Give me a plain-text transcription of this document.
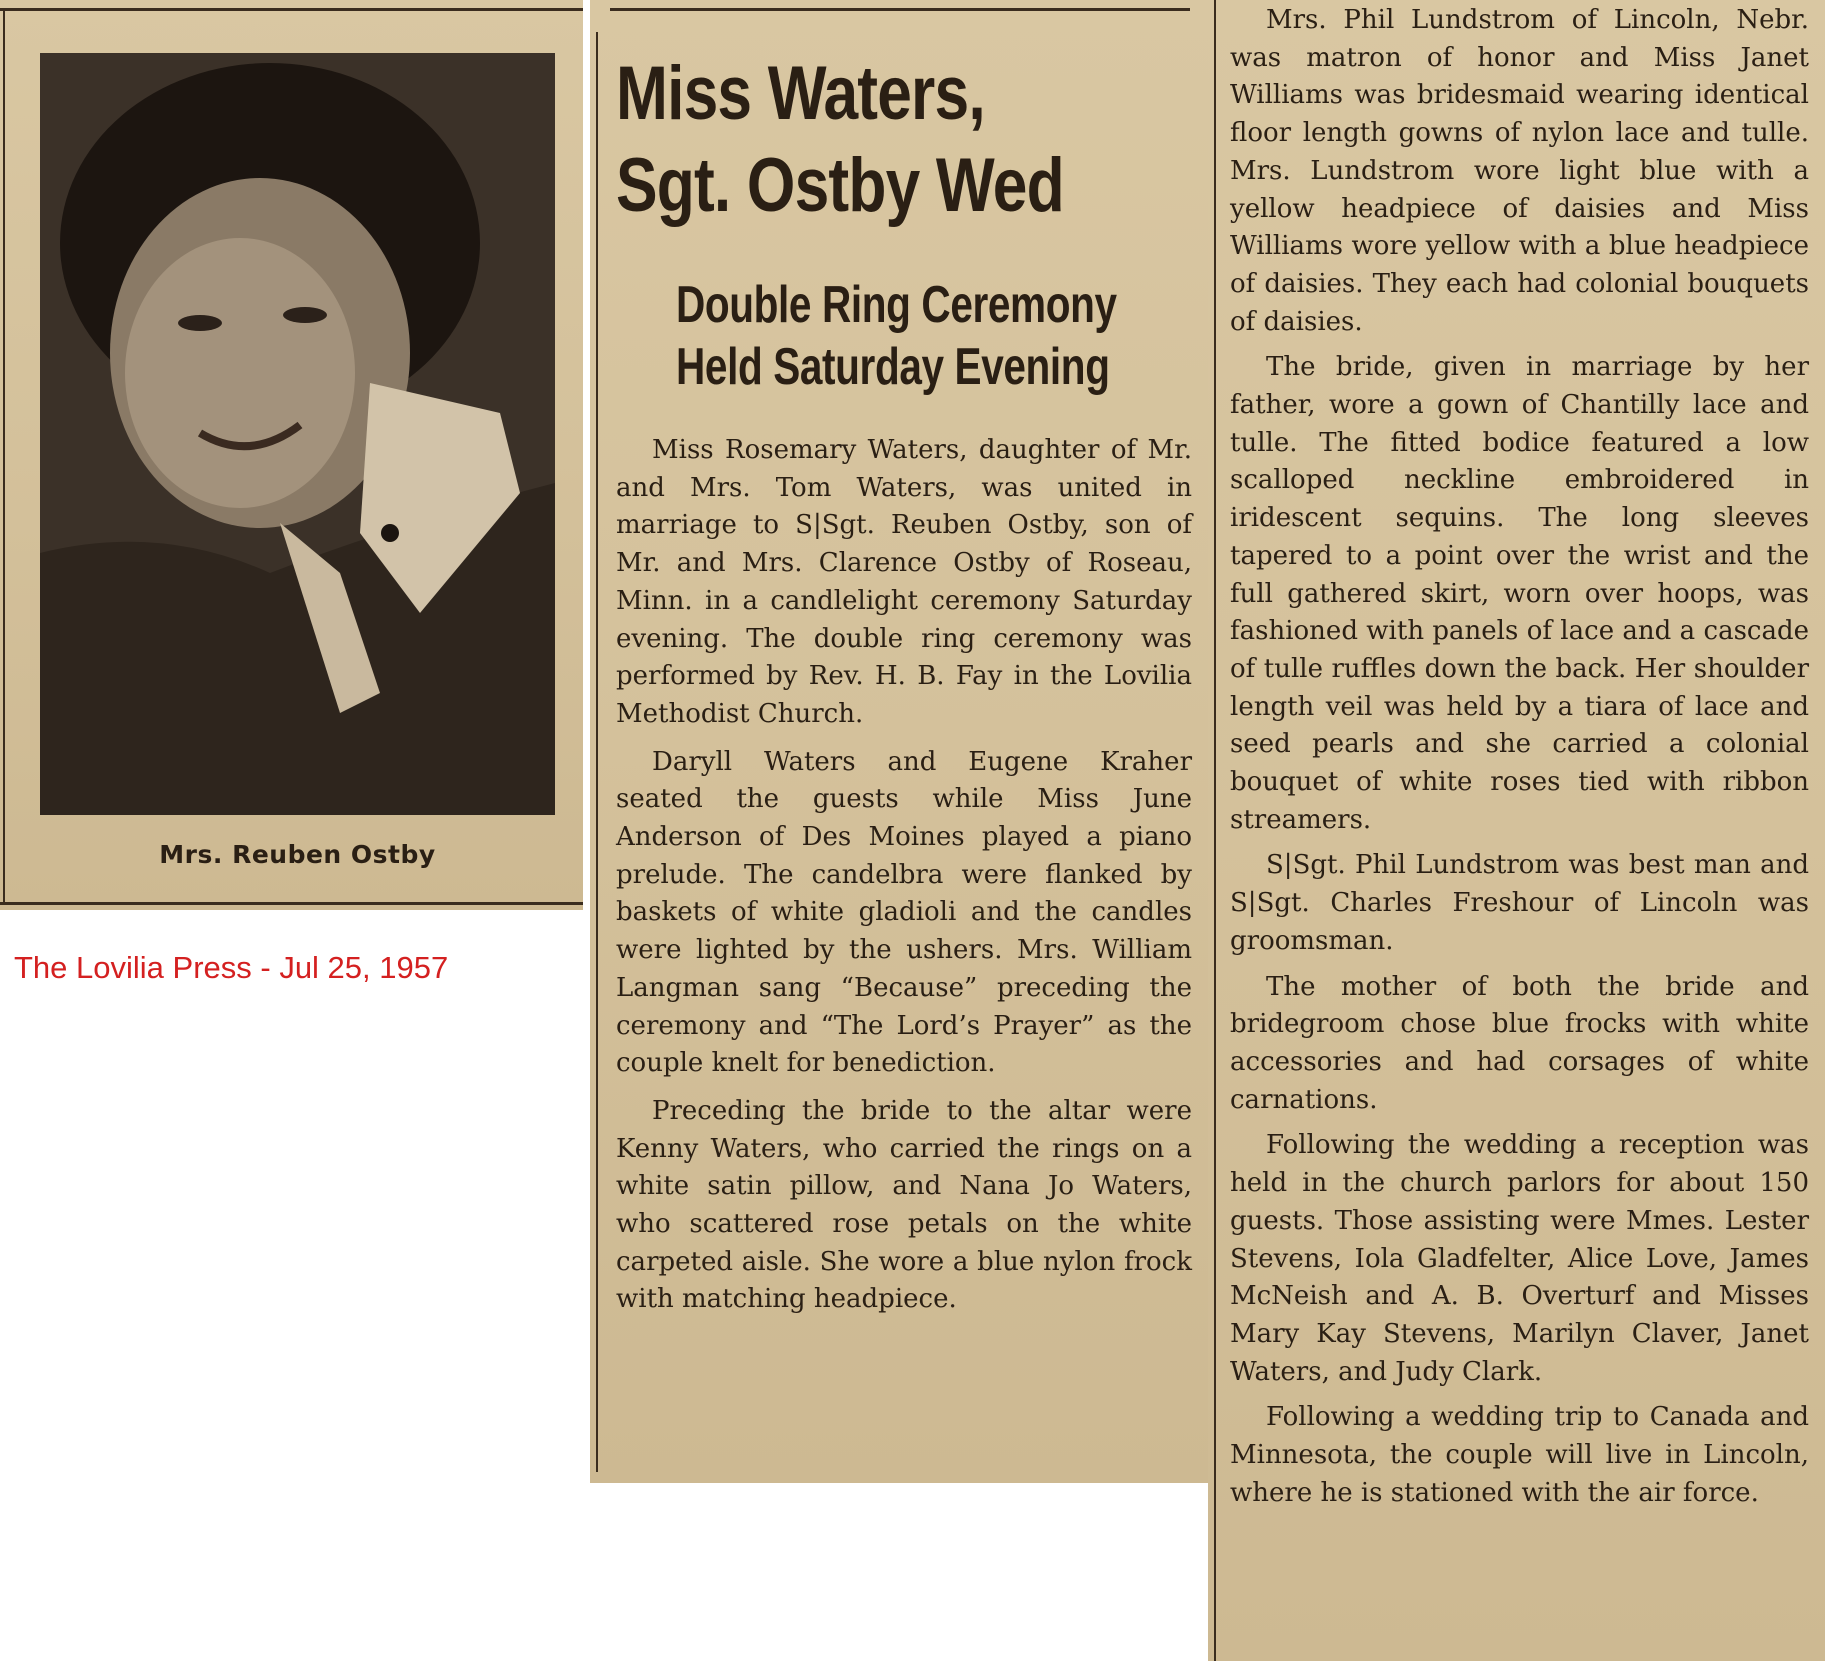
Mrs. Reuben Ostby
The Lovilia Press - Jul 25, 1957
Miss Waters,
Sgt. Ostby Wed
Double Ring Ceremony
Held Saturday Evening

Miss Rosemary Waters, daughter of Mr. and Mrs. Tom Waters, was united in marriage to S|Sgt. Reuben Ostby, son of Mr. and Mrs. Clarence Ostby of Roseau, Minn. in a candlelight ceremony Saturday evening. The double ring ceremony was performed by Rev. H. B. Fay in the Lovilia Methodist Church.

Daryll Waters and Eugene Kraher seated the guests while Miss June Anderson of Des Moines played a piano prelude. The candelbra were flanked by baskets of white gladioli and the candles were lighted by the ushers. Mrs. William Langman sang “Because” preceding the ceremony and “The Lord’s Prayer” as the couple knelt for benediction.

Preceding the bride to the altar were Kenny Waters, who carried the rings on a white satin pillow, and Nana Jo Waters, who scattered rose petals on the white carpeted aisle. She wore a blue nylon frock with matching headpiece.

Mrs. Phil Lundstrom of Lincoln, Nebr. was matron of honor and Miss Janet Williams was bridesmaid wearing identical floor length gowns of nylon lace and tulle. Mrs. Lundstrom wore light blue with a yellow headpiece of daisies and Miss Williams wore yellow with a blue headpiece of daisies. They each had colonial bouquets of daisies.

The bride, given in marriage by her father, wore a gown of Chantilly lace and tulle. The fitted bodice featured a low scalloped neckline embroidered in iridescent sequins. The long sleeves tapered to a point over the wrist and the full gathered skirt, worn over hoops, was fashioned with panels of lace and a cascade of tulle ruffles down the back. Her shoulder length veil was held by a tiara of lace and seed pearls and she carried a colonial bouquet of white roses tied with ribbon streamers.

S|Sgt. Phil Lundstrom was best man and S|Sgt. Charles Freshour of Lincoln was groomsman.

The mother of both the bride and bridegroom chose blue frocks with white accessories and had corsages of white carnations.

Following the wedding a reception was held in the church parlors for about 150 guests. Those assisting were Mmes. Lester Stevens, Iola Gladfelter, Alice Love, James McNeish and A. B. Overturf and Misses Mary Kay Stevens, Marilyn Claver, Janet Waters, and Judy Clark.

Following a wedding trip to Canada and Minnesota, the couple will live in Lincoln, where he is stationed with the air force.
